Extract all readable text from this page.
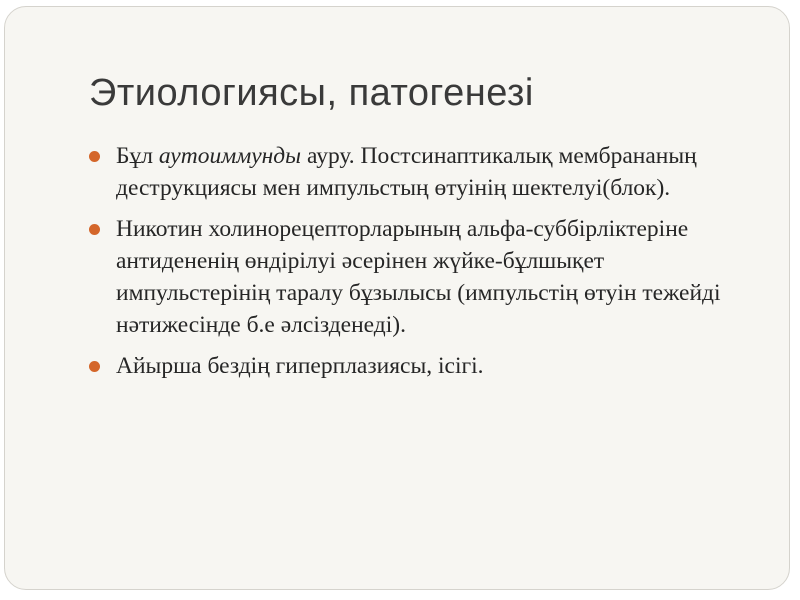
Этиологиясы, патогенезі
Бұл аутоиммунды ауру. Постсинаптикалық мембрананың деструкциясы мен импульстың өтуінің шектелуі(блок).
Никотин холинорецепторларының альфа-суббірліктеріне антидененің өндірілуі әсерінен жүйке-бұлшықет импульстерінің таралу бұзылысы (импульстің өтуін тежейді нәтижесінде б.е әлсізденеді).
Айырша бездің гиперплазиясы, ісігі.
